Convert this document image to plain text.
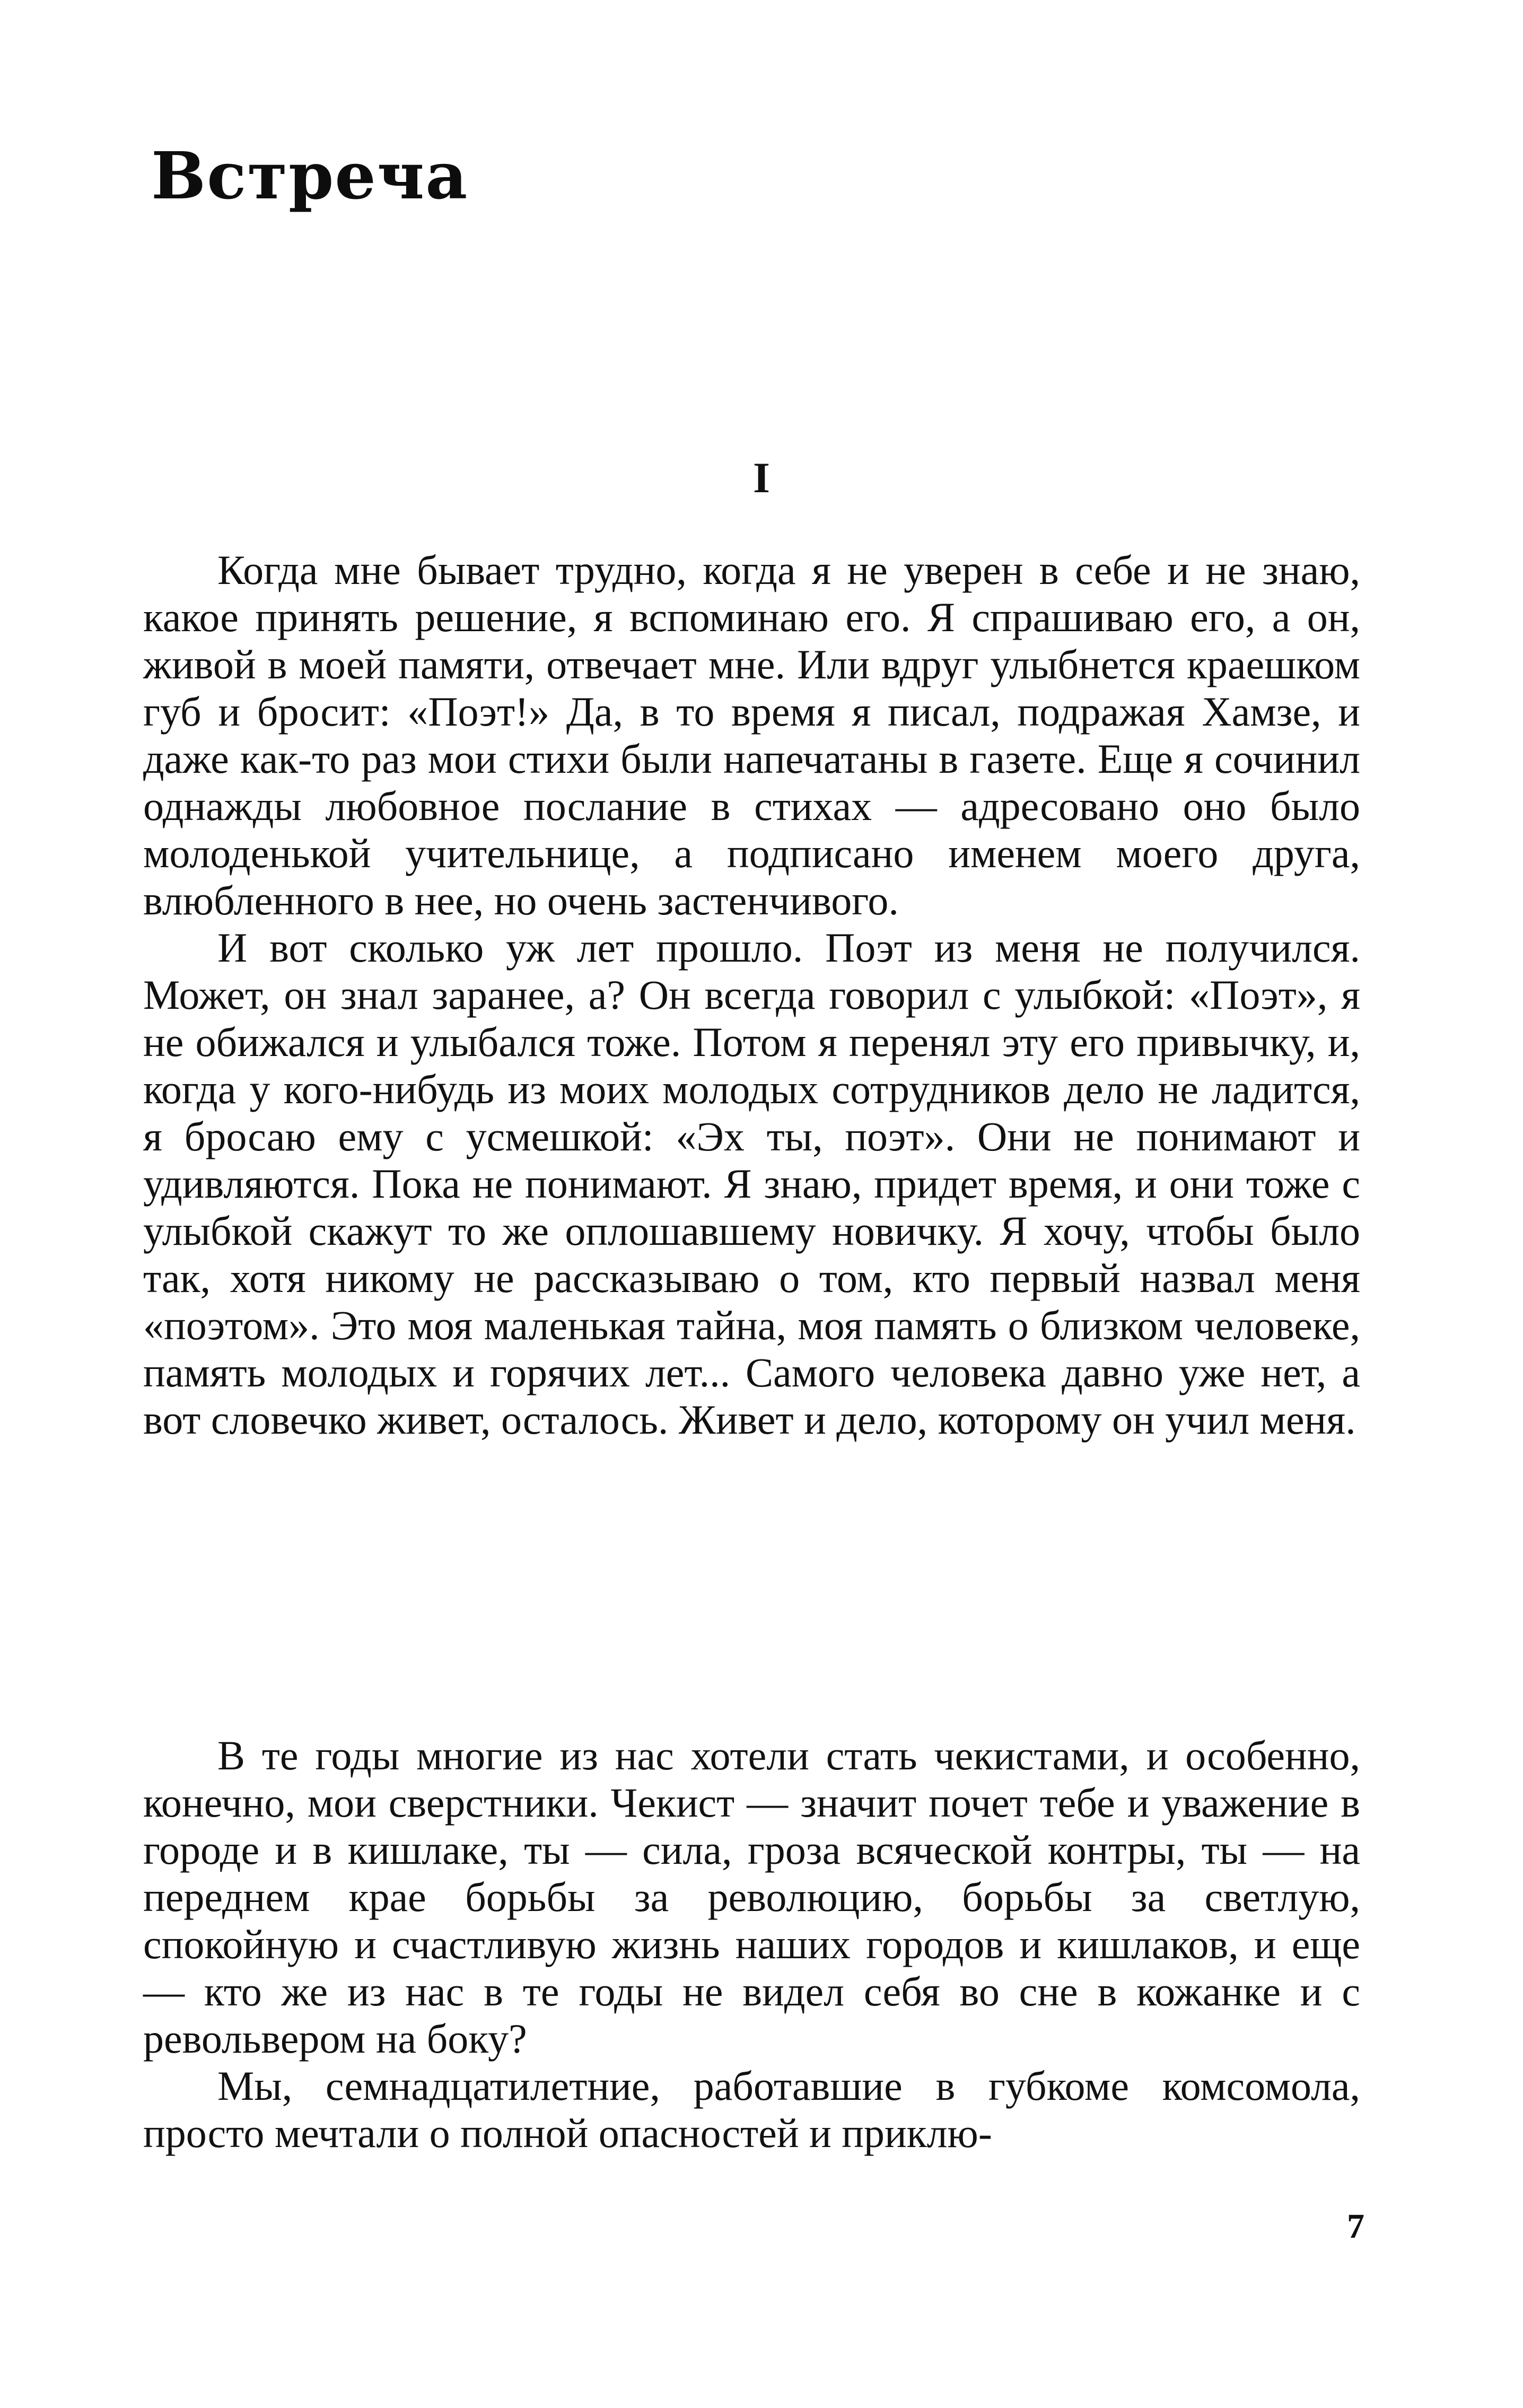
Встреча
I

Когда мне бывает трудно, когда я не уверен в себе и не знаю, какое принять решение, я вспоминаю его. Я спрашиваю его, а он, живой в моей памяти, отвечает мне. Или вдруг улыбнется краешком губ и бросит: «Поэт!» Да, в то время я писал, подражая Хамзе, и даже как-то раз мои стихи были напечатаны в газете. Еще я сочинил однажды любовное послание в стихах — адресовано оно было молоденькой учительнице, а подписано именем моего друга, влюбленного в нее, но очень застенчивого.

И вот сколько уж лет прошло. Поэт из меня не получился. Может, он знал заранее, а? Он всегда говорил с улыбкой: «Поэт», я не обижался и улыбался тоже. Потом я перенял эту его привычку, и, когда у кого-нибудь из моих молодых сотрудников дело не ладится, я бросаю ему с усмешкой: «Эх ты, поэт». Они не понимают и удивляются. Пока не понимают. Я знаю, придет время, и они тоже с улыбкой скажут то же оплошавшему новичку. Я хочу, чтобы было так, хотя никому не рассказываю о том, кто первый назвал меня «поэтом». Это моя маленькая тайна, моя память о близком человеке, память молодых и горячих лет... Самого человека давно уже нет, а вот словечко живет, осталось. Живет и дело, которому он учил меня.

В те годы многие из нас хотели стать чекистами, и особенно, конечно, мои сверстники. Чекист — значит почет тебе и уважение в городе и в кишлаке, ты — сила, гроза всяческой контры, ты — на переднем крае борьбы за революцию, борьбы за светлую, спокойную и счастливую жизнь наших городов и кишлаков, и еще — кто же из нас в те годы не видел себя во сне в кожанке и с револьвером на боку?

Мы, семнадцатилетние, работавшие в губкоме комсомола, просто мечтали о полной опасностей и приклю-

7
